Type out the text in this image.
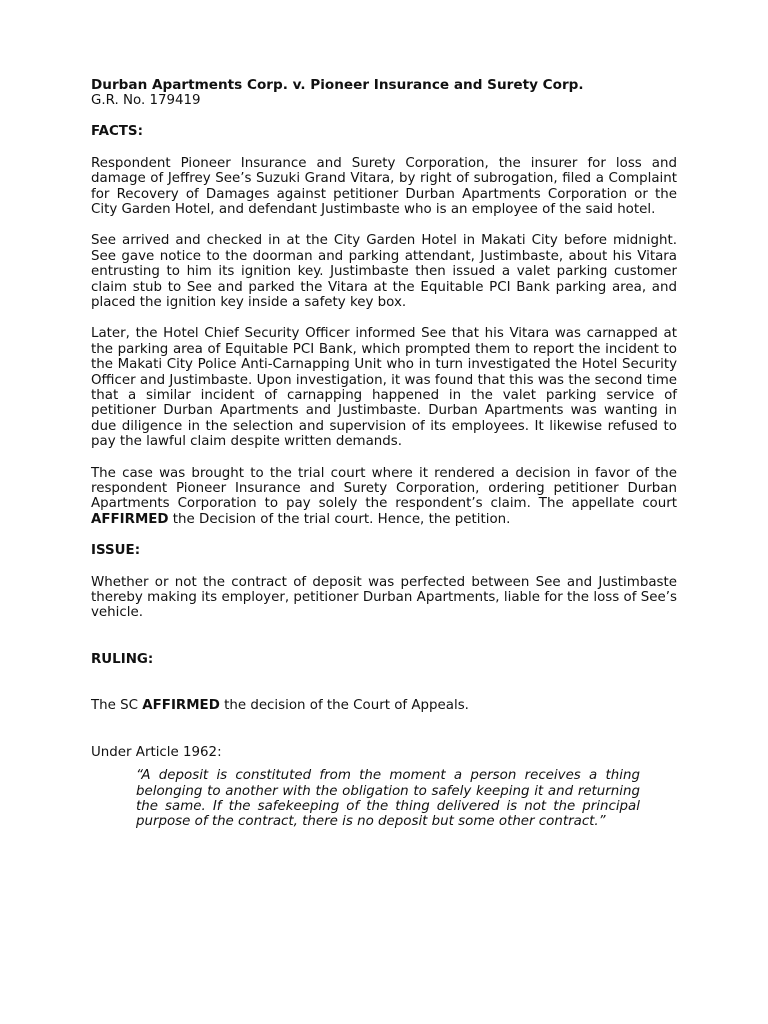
Durban Apartments Corp. v. Pioneer Insurance and Surety Corp.

G.R. No. 179419

FACTS:

Respondent Pioneer Insurance and Surety Corporation, the insurer for loss and damage of Jeffrey See’s Suzuki Grand Vitara, by right of subrogation, filed a Complaint for Recovery of Damages against petitioner Durban Apartments Corporation or the City Garden Hotel, and defendant Justimbaste who is an employee of the said hotel.

See arrived and checked in at the City Garden Hotel in Makati City before midnight. See gave notice to the doorman and parking attendant, Justimbaste, about his Vitara entrusting to him its ignition key. Justimbaste then issued a valet parking customer claim stub to See and parked the Vitara at the Equitable PCI Bank parking area, and placed the ignition key inside a safety key box.

Later, the Hotel Chief Security Officer informed See that his Vitara was carnapped at the parking area of Equitable PCI Bank, which prompted them to report the incident to the Makati City Police Anti-Carnapping Unit who in turn investigated the Hotel Security Officer and Justimbaste. Upon investigation, it was found that this was the second time that a similar incident of carnapping happened in the valet parking service of petitioner Durban Apartments and Justimbaste. Durban Apartments was wanting in due diligence in the selection and supervision of its employees. It likewise refused to pay the lawful claim despite written demands.

The case was brought to the trial court where it rendered a decision in favor of the respondent Pioneer Insurance and Surety Corporation, ordering petitioner Durban Apartments Corporation to pay solely the respondent’s claim. The appellate court AFFIRMED the Decision of the trial court. Hence, the petition.

ISSUE:

Whether or not the contract of deposit was perfected between See and Justimbaste thereby making its employer, petitioner Durban Apartments, liable for the loss of See’s vehicle.

RULING:

The SC AFFIRMED the decision of the Court of Appeals.

Under Article 1962:

“A deposit is constituted from the moment a person receives a thing belonging to another with the obligation to safely keeping it and returning the same. If the safekeeping of the thing delivered is not the principal purpose of the contract, there is no deposit but some other contract.”
